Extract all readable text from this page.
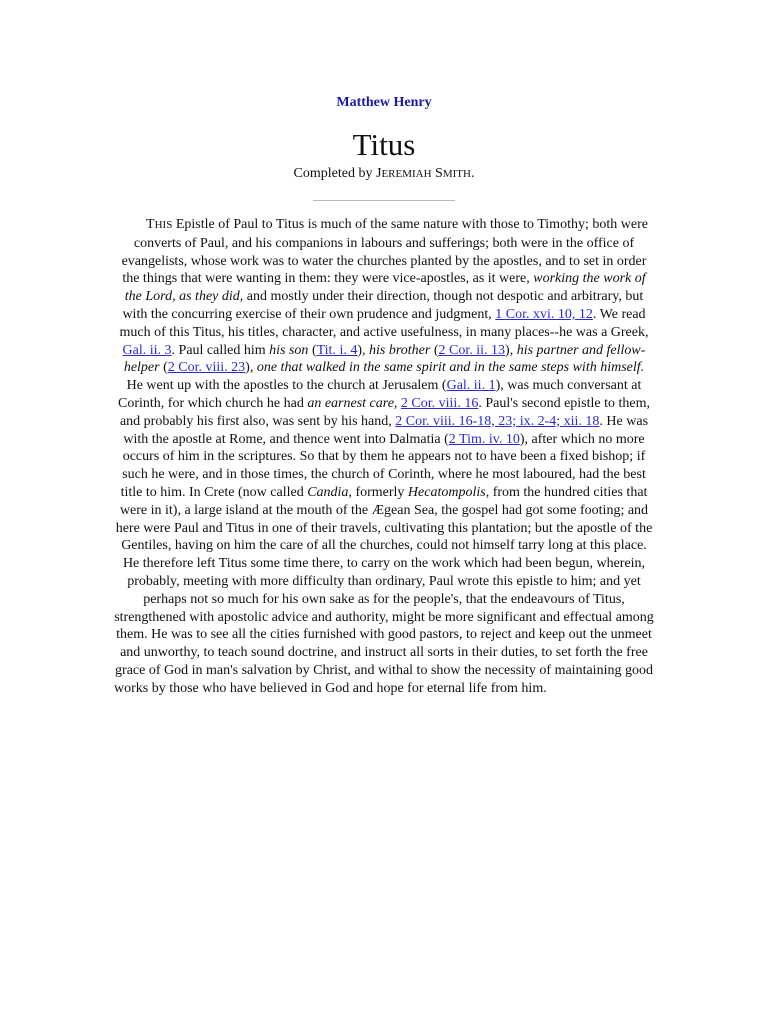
Matthew Henry
Titus
Completed by JEREMIAH SMITH.
THIS Epistle of Paul to Titus is much of the same nature with those to Timothy; both were converts of Paul, and his companions in labours and sufferings; both were in the office of evangelists, whose work was to water the churches planted by the apostles, and to set in order the things that were wanting in them: they were vice-apostles, as it were, working the work of the Lord, as they did, and mostly under their direction, though not despotic and arbitrary, but with the concurring exercise of their own prudence and judgment, 1 Cor. xvi. 10, 12. We read much of this Titus, his titles, character, and active usefulness, in many places--he was a Greek, Gal. ii. 3. Paul called him his son (Tit. i. 4), his brother (2 Cor. ii. 13), his partner and fellow-helper (2 Cor. viii. 23), one that walked in the same spirit and in the same steps with himself. He went up with the apostles to the church at Jerusalem (Gal. ii. 1), was much conversant at Corinth, for which church he had an earnest care, 2 Cor. viii. 16. Paul's second epistle to them, and probably his first also, was sent by his hand, 2 Cor. viii. 16-18, 23; ix. 2-4; xii. 18. He was with the apostle at Rome, and thence went into Dalmatia (2 Tim. iv. 10), after which no more occurs of him in the scriptures. So that by them he appears not to have been a fixed bishop; if such he were, and in those times, the church of Corinth, where he most laboured, had the best title to him. In Crete (now called Candia, formerly Hecatompolis, from the hundred cities that were in it), a large island at the mouth of the Ægean Sea, the gospel had got some footing; and here were Paul and Titus in one of their travels, cultivating this plantation; but the apostle of the Gentiles, having on him the care of all the churches, could not himself tarry long at this place. He therefore left Titus some time there, to carry on the work which had been begun, wherein, probably, meeting with more difficulty than ordinary, Paul wrote this epistle to him; and yet perhaps not so much for his own sake as for the people's, that the endeavours of Titus, strengthened with apostolic advice and authority, might be more significant and effectual among them. He was to see all the cities furnished with good pastors, to reject and keep out the unmeet and unworthy, to teach sound doctrine, and instruct all sorts in their duties, to set forth the free grace of God in man's salvation by Christ, and withal to show the necessity of maintaining good works by those who have believed in God and hope for eternal life from him.
